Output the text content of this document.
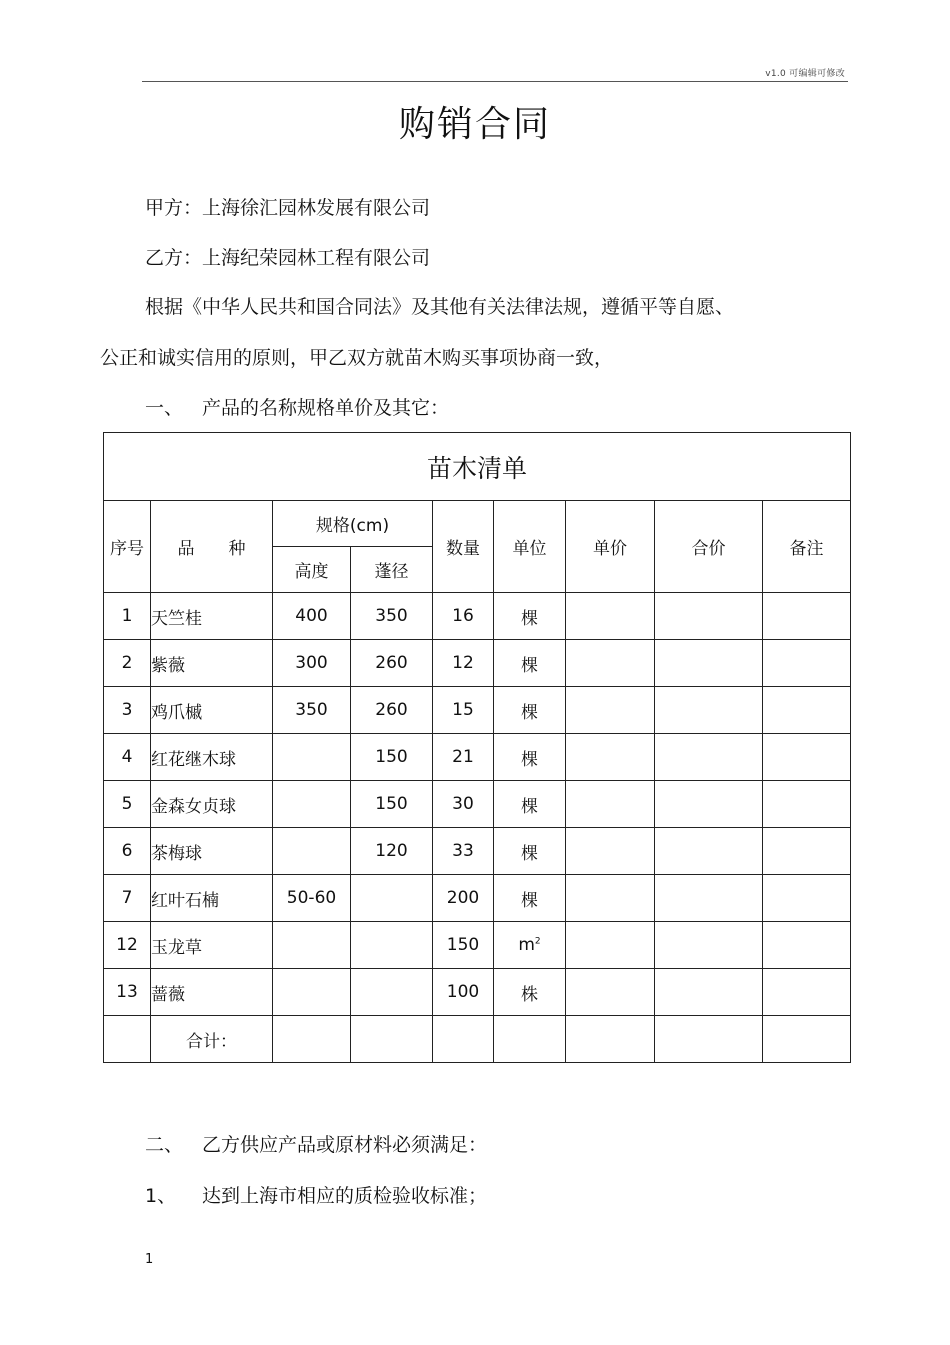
v1.0 可编辑可修改
购销合同
甲方：上海徐汇园林发展有限公司
乙方：上海纪荣园林工程有限公司
根据《中华人民共和国合同法》及其他有关法律法规，遵循平等自愿、
公正和诚实信用的原则，甲乙双方就苗木购买事项协商一致，
一、 产品的名称规格单价及其它：
苗木清单								
序号	品　　种	规格(cm)		数量	单位	单价	合价	备注
		高度	蓬径					
1	天竺桂	400	350	16	棵			
2	紫薇	300	260	12	棵			
3	鸡爪槭	350	260	15	棵			
4	红花继木球		150	21	棵			
5	金森女贞球		150	30	棵			
6	茶梅球		120	33	棵			
7	红叶石楠	50-60		200	棵			
12	玉龙草			150	$m^2$			
13	蔷薇			100	株			
	合计：							
二、 乙方供应产品或原材料必须满足：
1、 达到上海市相应的质检验收标准；
1
